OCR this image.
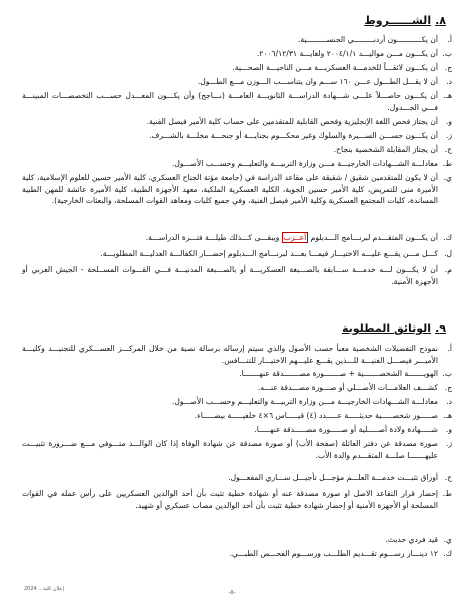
٨.الشــــــروط
أ.
أن يكـــــــــــون أردنـــــــــي الجنســـــــــية.
ب.
أن يكـــون مـــن مواليـــد ٢٠٠٤/١/١ ولغايـــة ٢٠٠٦/١٢/٣١.
ج.
أن يكـــون لائقـــاً للخدمـــة العسكريـــة مـــن الناحيـــة الصحـــية.
د.
أن لا يقـــل الطـــول عـــن ١٦٠ ســـم وان يتناســـب الـــوزن مـــع الطـــول.
هـ.
أن يكـــون حاصـــلاً علـــى شـــهادة الدراســـة الثانويـــة العامـــة (نـــاجح) وأن يكـــون المعـــدل حســـب التخصصـــات المبينـــة فـــي الجـــدول.
و.
أن يجتاز فحص اللغة الإنجليزية وفحص القابلية للمتقدمين على حساب كلية الأمير فيصل الفنية.
ز.
أن يكـــون حســـن الســـيرة والسلوك وغير محكـــوم بجنايـــة أو جنحـــة مخلـــة بالشـــرف.
ح.
أن يجتاز المقابلة الشخصية بنجاح.
ط.
معادلـــة الشـــهادات الخارجيـــة مـــن وزارة التربيـــة والتعليـــم وحســـب الأصـــول.
ي.
أن لا يكون للمتقدمين شقيق / شقيقة على مقاعد الدراسة في (جامعة مؤتة الجناح العسكري، كلية الأمير حسين للعلوم الإسلامية، كلية الأميرة منى للتمريض، كلية الأمير حسين الجوية، الكلية العسكرية الملكية، معهد الأجهزة الطبية، كلية الأميرة عائشة للمهن الطبية المساندة، كليات المجتمع العسكرية وكلية الأمير فيصل الفنية، وفي جميع كليات ومعاهد القوات المسلحة، والبعثات الخارجية).
ك.
أن يكـــون المتقـــدم لبرنـــامج الـــدبلوم أعــزب ويبقـــى كـــذلك طيلـــة فتـــرة الدراســـة.
ل.
كـــل مـــن يقـــع عليـــه الاختيـــار فيمـــا بعـــد لبرنـــامج الـــدبلوم إحضـــار الكفالـــة العدليـــة المطلوبـــة.
م.
أن لا يكـــون لـــه خدمـــة ســـابقة بالصـــبغة العسكريـــة أو بالصـــبغة المدنيـــة فـــي القـــوات المســلحة - الجيش العربي أو الأجهزة الأمنية.
٩.الوثائق المطلوبة
أ.
نموذج التفصيلات الشخصية معبأ حسب الأصول والذي سيتم إرساله برسالة نصية من خلال المركـــز العســـكري للتجنيـــد وكليـــة الأميـــر فيصـــل الفنيـــة للـــذين يقـــع عليـــهم الاختيـــار للتنـــافس.
ب.
الهويـــــــة الشخصـــــــية + صـــــــورة مصـــــــدقة عنهـــــــا.
ج.
كشـــف العلامـــات الأصـــلي أو صـــورة مصـــدقة عنـــه.
د.
معادلـــة الشـــهادات الخارجيـــة مـــن وزارة التربيـــة والتعليـــم وحســـب الأصـــول.
هـ.
صـــــور شخصـــــية حديثـــــة عـــــدد (٤) قيـــــاس ٦×٤ خلفيـــــة بيضـــــاء.
و.
شـــــهادة ولادة أصـــــلية أو صـــــورة مصـــــدقة عنهـــــا.
ز.
صورة مصدقة عن دفتر العائلة (صفحة الأب) أو صورة مصدقة عن شهادة الوفاة إذا كان الوالـــد متـــوفي مـــع ضـــرورة تثبيـــت عليهـــــــا صلـــة المتقـــدم والدة الأب.
ح.
أوراق تثبـــت خدمـــة العلـــم مؤجـــل تأجيـــل ســـاري المفعـــول.
ط.
إحضار قرار التقاعد الاصل او صورة مصدقة عنه أو شهادة خطية تثبت بأن أحد الوالدين العسكريين على رأس عمله في القوات المسلحة أو الأجهزة الأمنية أو إحضار شهادة خطية تثبت بأن أحد الوالدين مصاب عسكري أو شهيد.
ي.
قيد فردي حديث.
ك.
١٢ دينـــار رســـوم تقـــديم الطلـــب ورســـوم الفحـــص الطبـــي.
إعلان كلية... 2024	-٥-
